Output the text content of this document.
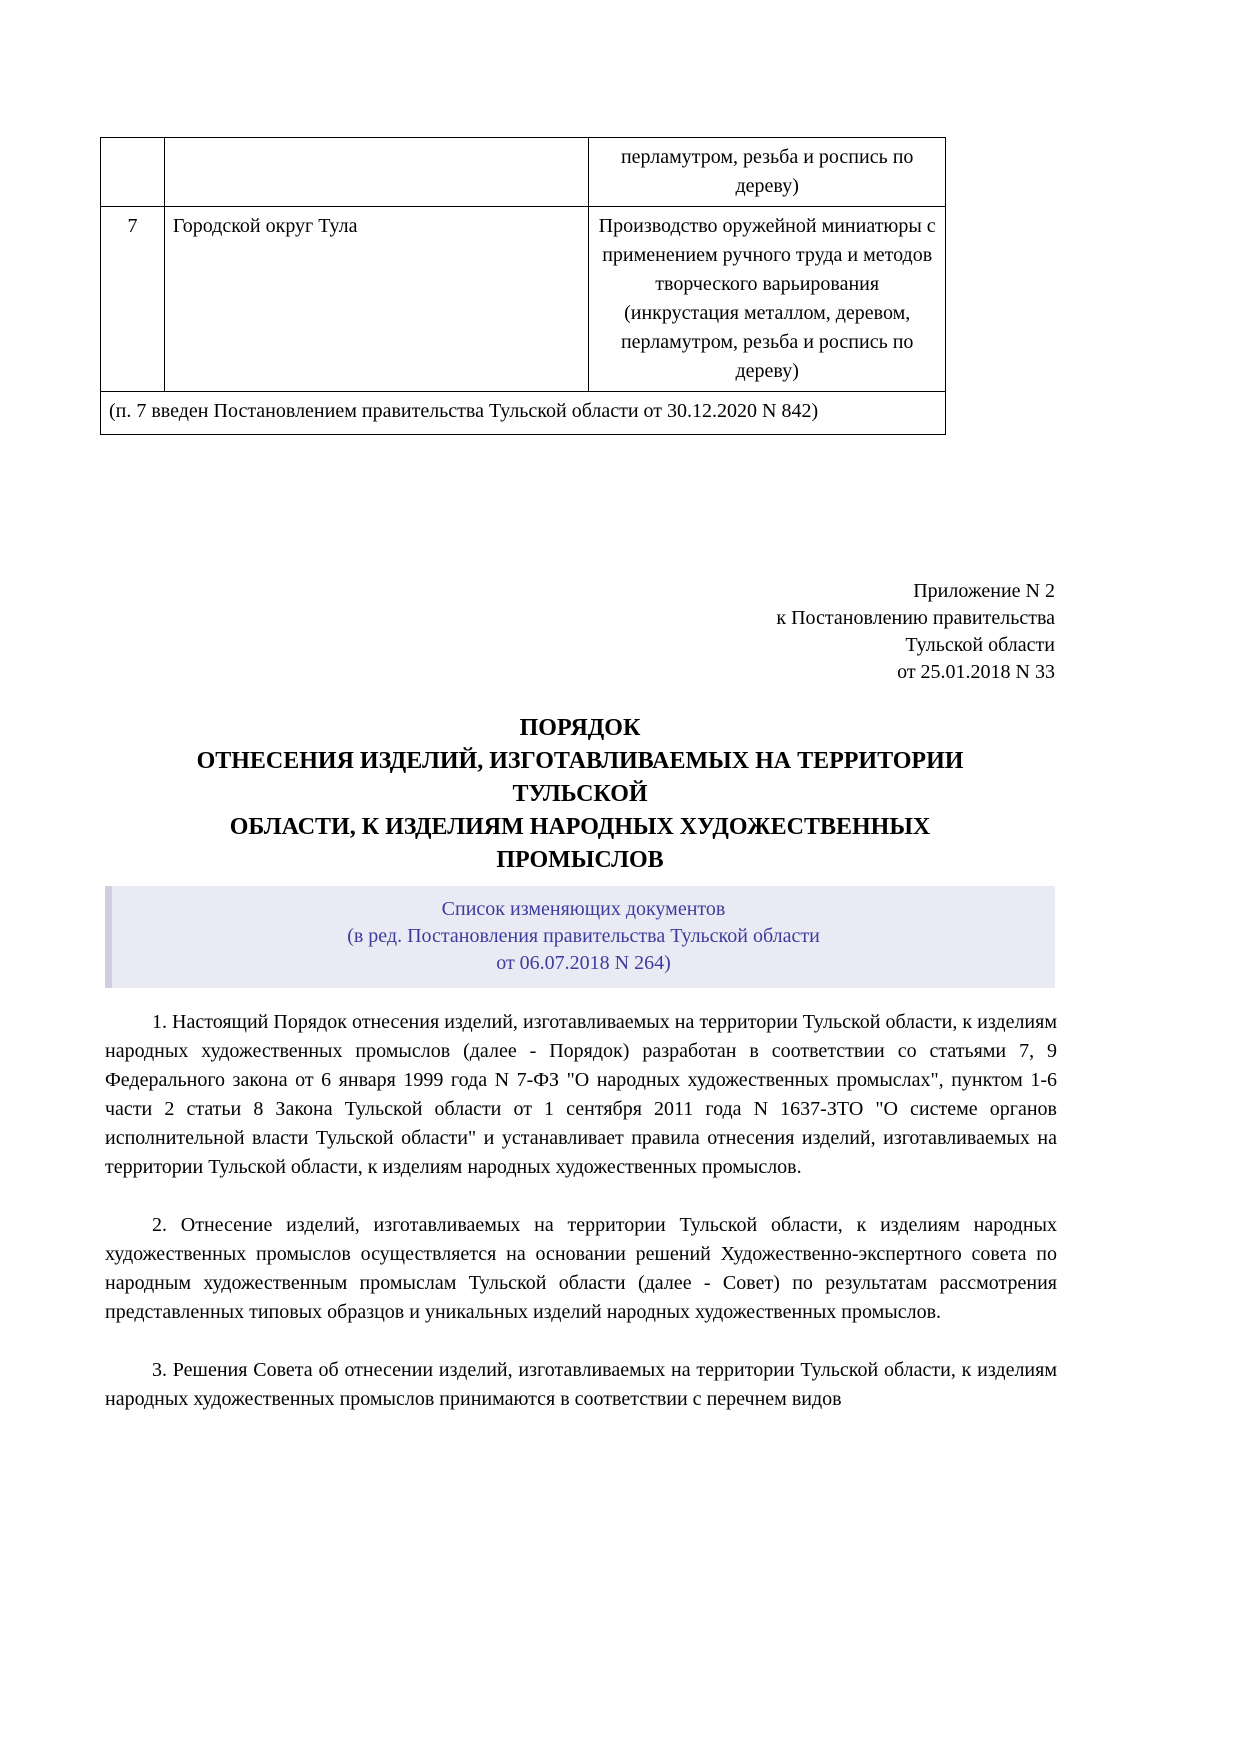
		перламутром, резьба и роспись по дереву)
7	Городской округ Тула	Производство оружейной миниатюры с применением ручного труда и методов творческого варьирования (инкрустация металлом, деревом, перламутром, резьба и роспись по дереву)
(п. 7 введен Постановлением правительства Тульской области от 30.12.2020 N 842)		
Приложение N 2
к Постановлению правительства
Тульской области
от 25.01.2018 N 33
ПОРЯДОК
ОТНЕСЕНИЯ ИЗДЕЛИЙ, ИЗГОТАВЛИВАЕМЫХ НА ТЕРРИТОРИИ
ТУЛЬСКОЙ
ОБЛАСТИ, К ИЗДЕЛИЯМ НАРОДНЫХ ХУДОЖЕСТВЕННЫХ
ПРОМЫСЛОВ
Список изменяющих документов
(в ред. Постановления правительства Тульской области
от 06.07.2018 N 264)

1. Настоящий Порядок отнесения изделий, изготавливаемых на территории Тульской области, к изделиям народных художественных промыслов (далее - Порядок) разработан в соответствии со статьями 7, 9 Федерального закона от 6 января 1999 года N 7-ФЗ "О народных художественных промыслах", пунктом 1-6 части 2 статьи 8 Закона Тульской области от 1 сентября 2011 года N 1637-ЗТО "О системе органов исполнительной власти Тульской области" и устанавливает правила отнесения изделий, изготавливаемых на территории Тульской области, к изделиям народных художественных промыслов.

2. Отнесение изделий, изготавливаемых на территории Тульской области, к изделиям народных художественных промыслов осуществляется на основании решений Художественно-экспертного совета по народным художественным промыслам Тульской области (далее - Совет) по результатам рассмотрения представленных типовых образцов и уникальных изделий народных художественных промыслов.

3. Решения Совета об отнесении изделий, изготавливаемых на территории Тульской области, к изделиям народных художественных промыслов принимаются в соответствии с перечнем видов
